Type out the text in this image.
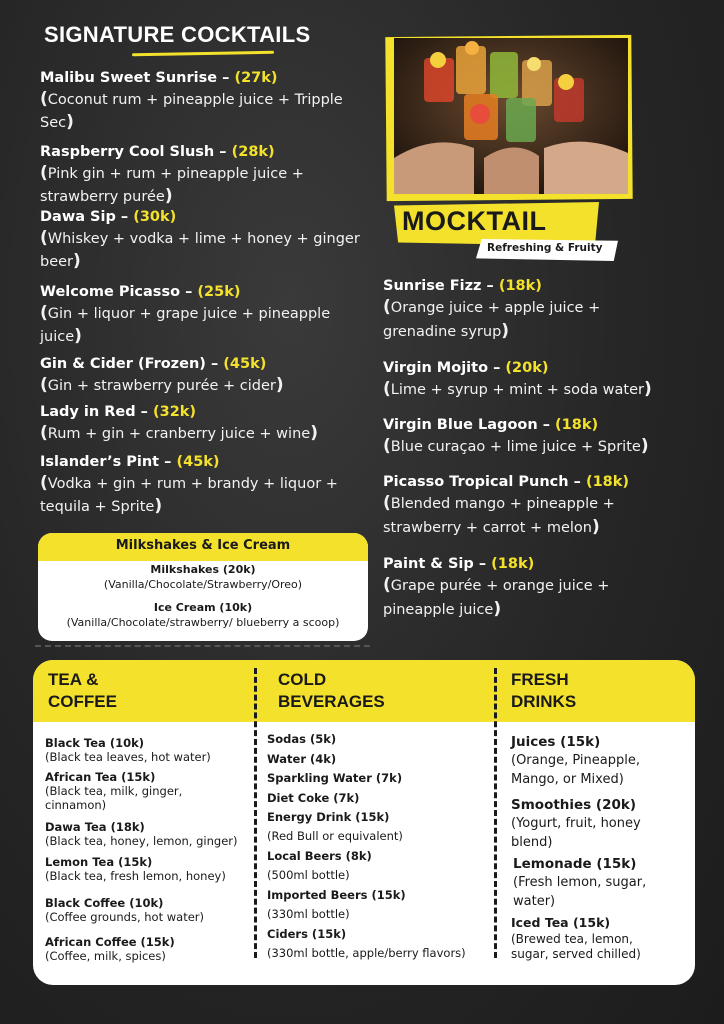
SIGNATURE COCKTAILS
Malibu Sweet Sunrise – (27k)
(Coconut rum + pineapple juice + Tripple
Sec)
Raspberry Cool Slush – (28k)
(Pink gin + rum + pineapple juice +
strawberry purée)
Dawa Sip – (30k)
(Whiskey + vodka + lime + honey + ginger
beer)
Welcome Picasso – (25k)
(Gin + liquor + grape juice + pineapple
juice)
Gin & Cider (Frozen) – (45k)
(Gin + strawberry purée + cider)
Lady in Red – (32k)
(Rum + gin + cranberry juice + wine)
Islander’s Pint – (45k)
(Vodka + gin + rum + brandy + liquor +
tequila + Sprite)
MOCKTAIL
Refreshing & Fruity
Sunrise Fizz – (18k)
(Orange juice + apple juice +
grenadine syrup)
Virgin Mojito – (20k)
(Lime + syrup + mint + soda water)
Virgin Blue Lagoon – (18k)
(Blue curaçao + lime juice + Sprite)
Picasso Tropical Punch – (18k)
(Blended mango + pineapple +
strawberry + carrot + melon)
Paint & Sip – (18k)
(Grape purée + orange juice +
pineapple juice)
Milkshakes & Ice Cream
Milkshakes (20k)
(Vanilla/Chocolate/Strawberry/Oreo)
Ice Cream (10k)
(Vanilla/Chocolate/strawberry/ blueberry a scoop)
TEA &
COFFEE
COLD
BEVERAGES
FRESH
DRINKS
Black Tea (10k)
(Black tea leaves, hot water)
African Tea (15k)
(Black tea, milk, ginger,
cinnamon)
Dawa Tea (18k)
(Black tea, honey, lemon, ginger)
Lemon Tea (15k)
(Black tea, fresh lemon, honey)
Black Coffee (10k)
(Coffee grounds, hot water)
African Coffee (15k)
(Coffee, milk, spices)
Sodas (5k)
Water (4k)
Sparkling Water (7k)
Diet Coke (7k)
Energy Drink (15k)
(Red Bull or equivalent)
Local Beers (8k)
(500ml bottle)
Imported Beers (15k)
(330ml bottle)
Ciders (15k)
(330ml bottle, apple/berry flavors)
Juices (15k)
(Orange, Pineapple,
Mango, or Mixed)
Smoothies (20k)
(Yogurt, fruit, honey
blend)
Lemonade (15k)
(Fresh lemon, sugar,
water)
Iced Tea (15k)
(Brewed tea, lemon,
sugar, served chilled)
